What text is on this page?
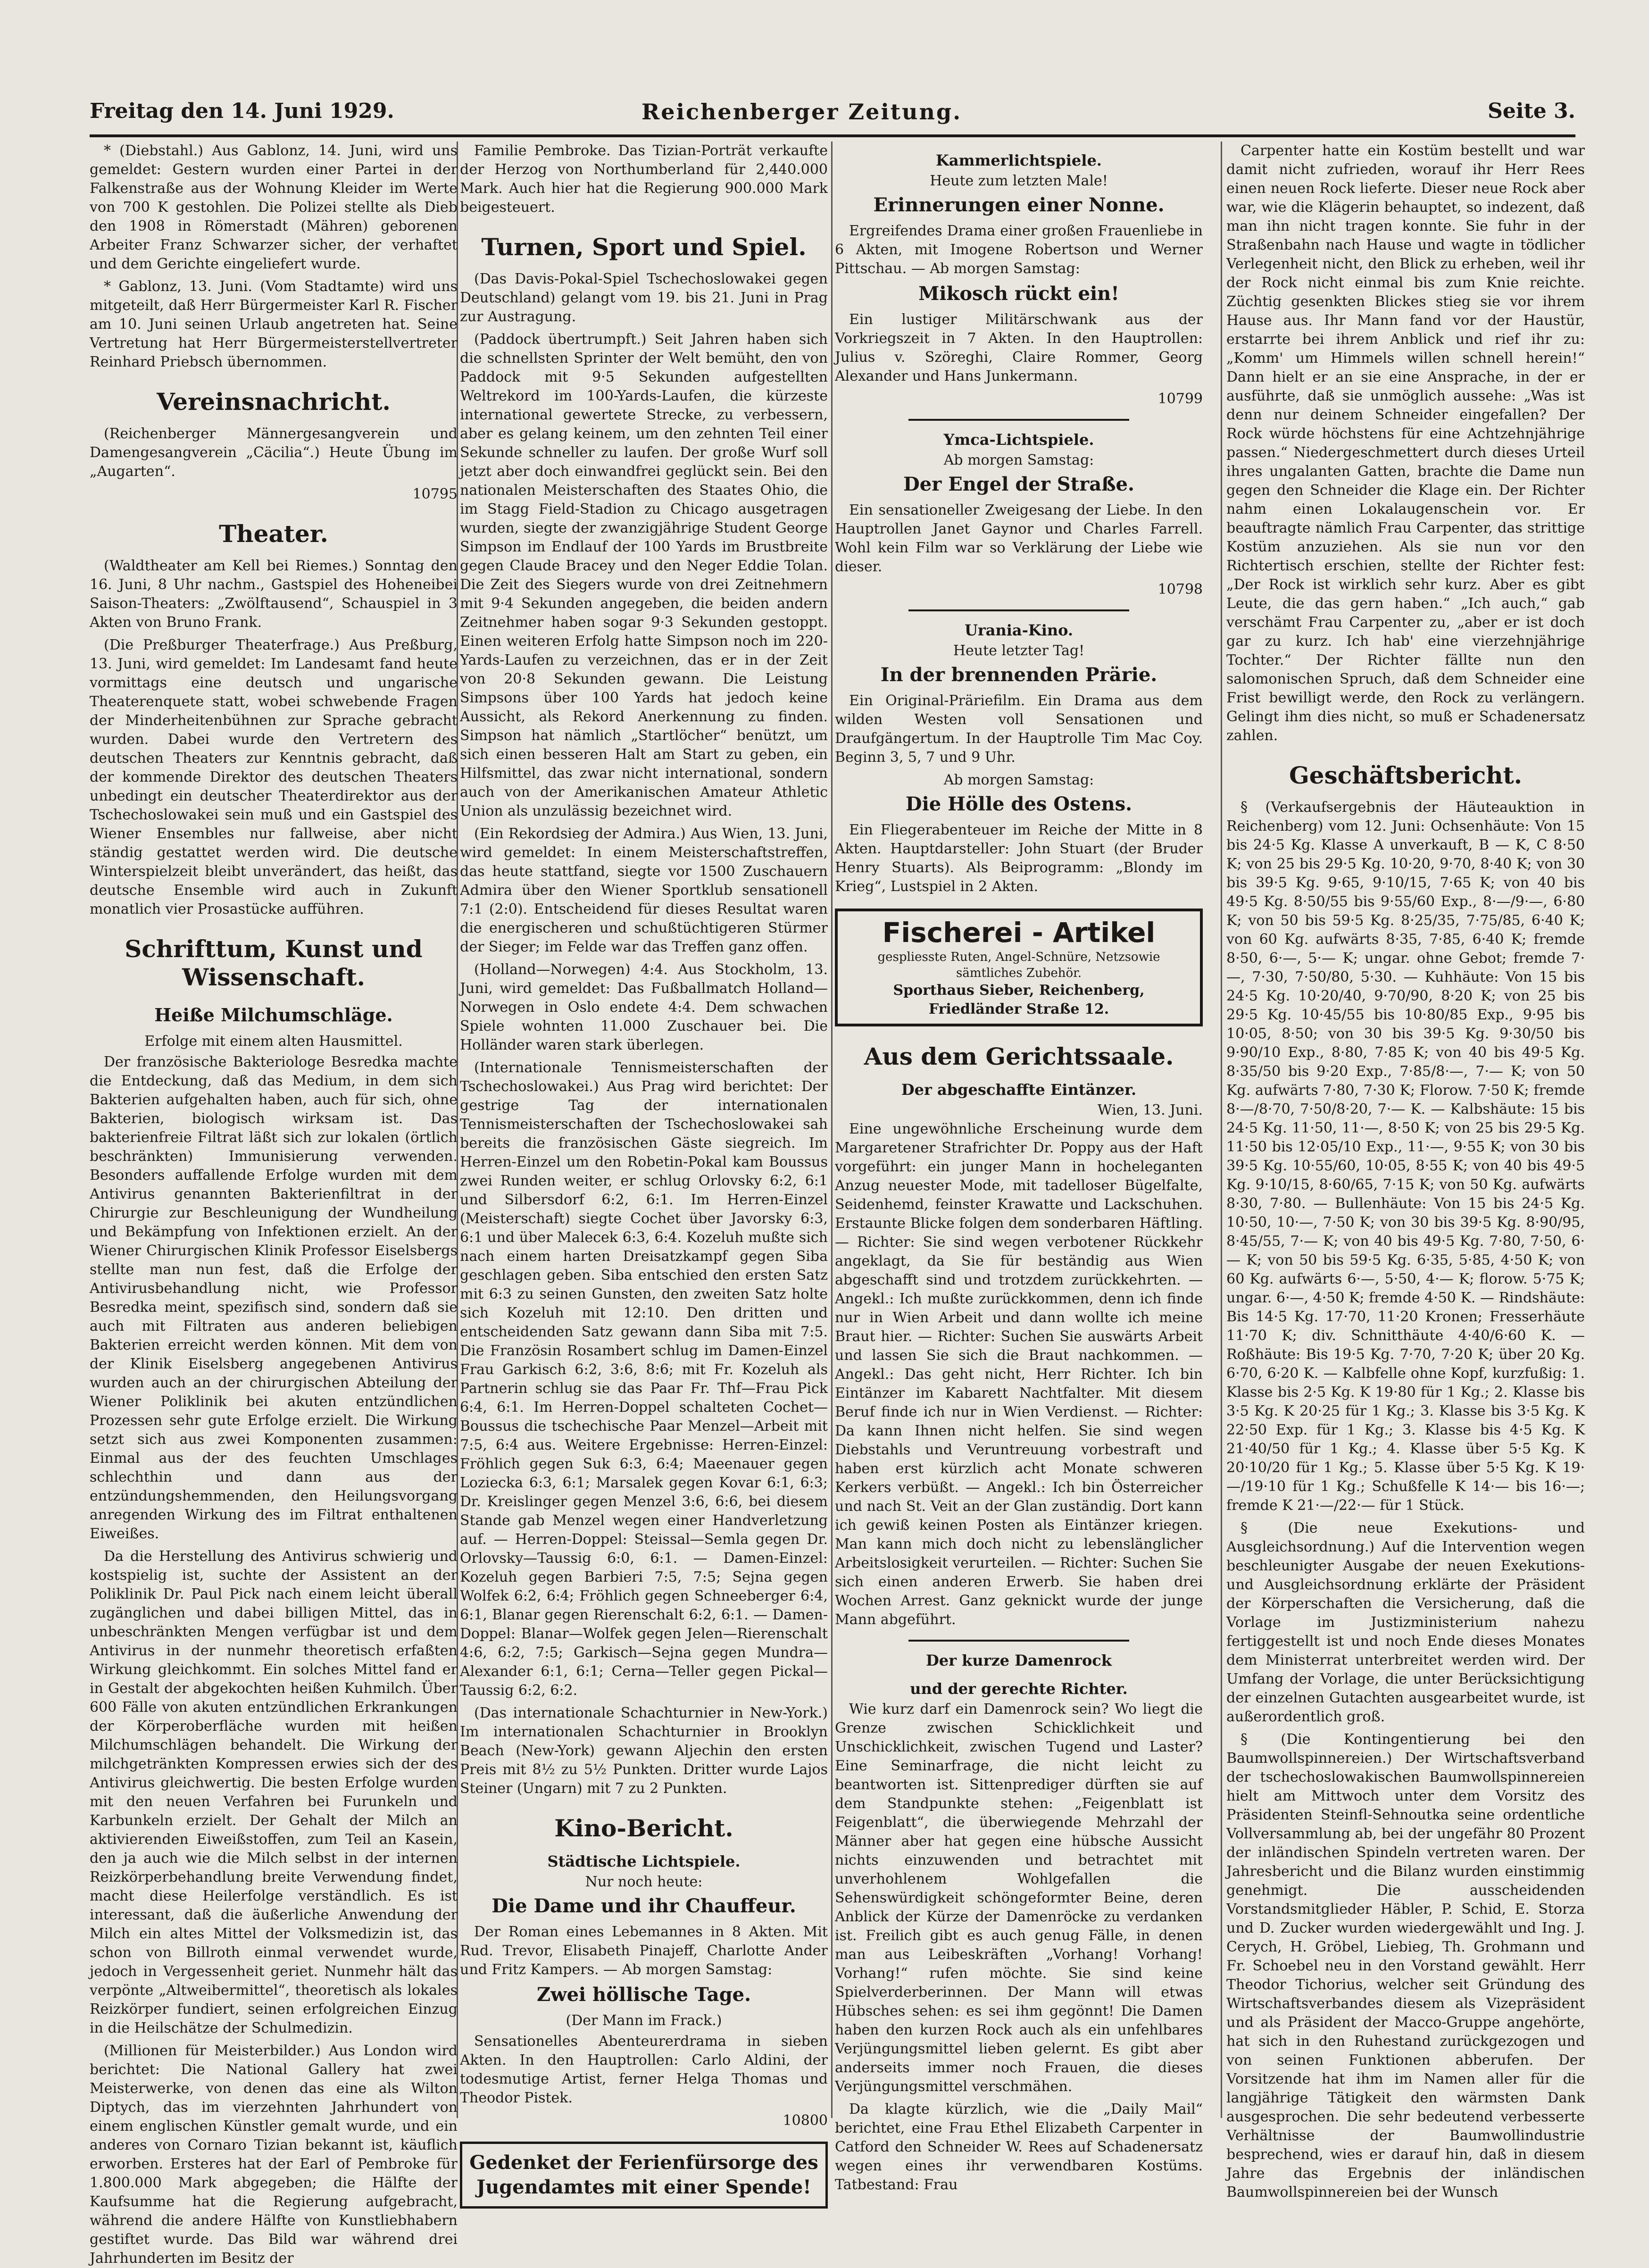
Freitag den 14. Juni 1929.	Reichenberger Zeitung.	Seite 3.

* (Diebstahl.) Aus Gablonz, 14. Juni, wird uns gemeldet: Gestern wurden einer Partei in der Falkenstraße aus der Wohnung Kleider im Werte von 700 K gestohlen. Die Polizei stellte als Dieb den 1908 in Römerstadt (Mähren) geborenen Arbeiter Franz Schwarzer sicher, der verhaftet und dem Gerichte eingeliefert wurde.

* Gablonz, 13. Juni. (Vom Stadtamte) wird uns mitgeteilt, daß Herr Bürgermeister Karl R. Fischer am 10. Juni seinen Urlaub angetreten hat. Seine Vertretung hat Herr Bürgermeisterstellvertreter Reinhard Priebsch übernommen.

Vereinsnachricht.

(Reichenberger Männergesangverein und Damengesangverein „Cäcilia“.) Heute Übung im „Augarten“.

10795
Theater.

(Waldtheater am Kell bei Riemes.) Sonntag den 16. Juni, 8 Uhr nachm., Gastspiel des Hoheneibei Saison-Theaters: „Zwölftausend“, Schauspiel in 3 Akten von Bruno Frank.

(Die Preßburger Theaterfrage.) Aus Preßburg, 13. Juni, wird gemeldet: Im Landesamt fand heute vormittags eine deutsch und ungarische Theaterenquete statt, wobei schwebende Fragen der Minderheitenbühnen zur Sprache gebracht wurden. Dabei wurde den Vertretern des deutschen Theaters zur Kenntnis gebracht, daß der kommende Direktor des deutschen Theaters unbedingt ein deutscher Theaterdirektor aus der Tschechoslowakei sein muß und ein Gastspiel des Wiener Ensembles nur fallweise, aber nicht ständig gestattet werden wird. Die deutsche Winterspielzeit bleibt unverändert, das heißt, das deutsche Ensemble wird auch in Zukunft monatlich vier Prosastücke aufführen.

Schrifttum, Kunst und Wissenschaft.
Heiße Milchumschläge.
Erfolge mit einem alten Hausmittel.

Der französische Bakteriologe Besredka machte die Entdeckung, daß das Medium, in dem sich Bakterien aufgehalten haben, auch für sich, ohne Bakterien, biologisch wirksam ist. Das bakterienfreie Filtrat läßt sich zur lokalen (örtlich beschränkten) Immunisierung verwenden. Besonders auffallende Erfolge wurden mit dem Antivirus genannten Bakterienfiltrat in der Chirurgie zur Beschleunigung der Wundheilung und Bekämpfung von Infektionen erzielt. An der Wiener Chirurgischen Klinik Professor Eiselsbergs stellte man nun fest, daß die Erfolge der Antivirusbehandlung nicht, wie Professor Besredka meint, spezifisch sind, sondern daß sie auch mit Filtraten aus anderen beliebigen Bakterien erreicht werden können. Mit dem von der Klinik Eiselsberg angegebenen Antivirus wurden auch an der chirurgischen Abteilung der Wiener Poliklinik bei akuten entzündlichen Prozessen sehr gute Erfolge erzielt. Die Wirkung setzt sich aus zwei Komponenten zusammen: Einmal aus der des feuchten Umschlages schlechthin und dann aus der entzündungshemmenden, den Heilungsvorgang anregenden Wirkung des im Filtrat enthaltenen Eiweißes.

Da die Herstellung des Antivirus schwierig und kostspielig ist, suchte der Assistent an der Poliklinik Dr. Paul Pick nach einem leicht überall zugänglichen und dabei billigen Mittel, das in unbeschränkten Mengen verfügbar ist und dem Antivirus in der nunmehr theoretisch erfaßten Wirkung gleichkommt. Ein solches Mittel fand er in Gestalt der abgekochten heißen Kuhmilch. Über 600 Fälle von akuten entzündlichen Erkrankungen der Körperoberfläche wurden mit heißen Milchumschlägen behandelt. Die Wirkung der milchgetränkten Kompressen erwies sich der des Antivirus gleichwertig. Die besten Erfolge wurden mit den neuen Verfahren bei Furunkeln und Karbunkeln erzielt. Der Gehalt der Milch an aktivierenden Eiweißstoffen, zum Teil an Kasein, den ja auch wie die Milch selbst in der internen Reizkörperbehandlung breite Verwendung findet, macht diese Heilerfolge verständlich. Es ist interessant, daß die äußerliche Anwendung der Milch ein altes Mittel der Volksmedizin ist, das schon von Billroth einmal verwendet wurde, jedoch in Vergessenheit geriet. Nunmehr hält das verpönte „Altweibermittel“, theoretisch als lokales Reizkörper fundiert, seinen erfolgreichen Einzug in die Heilschätze der Schulmedizin.

(Millionen für Meisterbilder.) Aus London wird berichtet: Die National Gallery hat zwei Meisterwerke, von denen das eine als Wilton Diptych, das im vierzehnten Jahrhundert von einem englischen Künstler gemalt wurde, und ein anderes von Cornaro Tizian bekannt ist, käuflich erworben. Ersteres hat der Earl of Pembroke für 1.800.000 Mark abgegeben; die Hälfte der Kaufsumme hat die Regierung aufgebracht, während die andere Hälfte von Kunstliebhabern gestiftet wurde. Das Bild war während drei Jahrhunderten im Besitz der

Familie Pembroke. Das Tizian-Porträt verkaufte der Herzog von Northumberland für 2,440.000 Mark. Auch hier hat die Regierung 900.000 Mark beigesteuert.

Turnen, Sport und Spiel.

(Das Davis-Pokal-Spiel Tschechoslowakei gegen Deutschland) gelangt vom 19. bis 21. Juni in Prag zur Austragung.

(Paddock übertrumpft.) Seit Jahren haben sich die schnellsten Sprinter der Welt bemüht, den von Paddock mit 9·5 Sekunden aufgestellten Weltrekord im 100-Yards-Laufen, die kürzeste international gewertete Strecke, zu verbessern, aber es gelang keinem, um den zehnten Teil einer Sekunde schneller zu laufen. Der große Wurf soll jetzt aber doch einwandfrei geglückt sein. Bei den nationalen Meisterschaften des Staates Ohio, die im Stagg Field-Stadion zu Chicago ausgetragen wurden, siegte der zwanzigjährige Student George Simpson im Endlauf der 100 Yards im Brustbreite gegen Claude Bracey und den Neger Eddie Tolan. Die Zeit des Siegers wurde von drei Zeitnehmern mit 9·4 Sekunden angegeben, die beiden andern Zeitnehmer haben sogar 9·3 Sekunden gestoppt. Einen weiteren Erfolg hatte Simpson noch im 220-Yards-Laufen zu verzeichnen, das er in der Zeit von 20·8 Sekunden gewann. Die Leistung Simpsons über 100 Yards hat jedoch keine Aussicht, als Rekord Anerkennung zu finden. Simpson hat nämlich „Startlöcher“ benützt, um sich einen besseren Halt am Start zu geben, ein Hilfsmittel, das zwar nicht international, sondern auch von der Amerikanischen Amateur Athletic Union als unzulässig bezeichnet wird.

(Ein Rekordsieg der Admira.) Aus Wien, 13. Juni, wird gemeldet: In einem Meisterschaftstreffen, das heute stattfand, siegte vor 1500 Zuschauern Admira über den Wiener Sportklub sensationell 7:1 (2:0). Entscheidend für dieses Resultat waren die energischeren und schußtüchtigeren Stürmer der Sieger; im Felde war das Treffen ganz offen.

(Holland—Norwegen) 4:4. Aus Stockholm, 13. Juni, wird gemeldet: Das Fußballmatch Holland—Norwegen in Oslo endete 4:4. Dem schwachen Spiele wohnten 11.000 Zuschauer bei. Die Holländer waren stark überlegen.

(Internationale Tennismeisterschaften der Tschechoslowakei.) Aus Prag wird berichtet: Der gestrige Tag der internationalen Tennismeisterschaften der Tschechoslowakei sah bereits die französischen Gäste siegreich. Im Herren-Einzel um den Robetin-Pokal kam Boussus zwei Runden weiter, er schlug Orlovsky 6:2, 6:1 und Silbersdorf 6:2, 6:1. Im Herren-Einzel (Meisterschaft) siegte Cochet über Javorsky 6:3, 6:1 und über Malecek 6:3, 6:4. Kozeluh mußte sich nach einem harten Dreisatzkampf gegen Siba geschlagen geben. Siba entschied den ersten Satz mit 6:3 zu seinen Gunsten, den zweiten Satz holte sich Kozeluh mit 12:10. Den dritten und entscheidenden Satz gewann dann Siba mit 7:5. Die Französin Rosambert schlug im Damen-Einzel Frau Garkisch 6:2, 3:6, 8:6; mit Fr. Kozeluh als Partnerin schlug sie das Paar Fr. Thf—Frau Pick 6:4, 6:1. Im Herren-Doppel schalteten Cochet—Boussus die tschechische Paar Menzel—Arbeit mit 7:5, 6:4 aus. Weitere Ergebnisse: Herren-Einzel: Fröhlich gegen Suk 6:3, 6:4; Maeenauer gegen Loziecka 6:3, 6:1; Marsalek gegen Kovar 6:1, 6:3; Dr. Kreislinger gegen Menzel 3:6, 6:6, bei diesem Stande gab Menzel wegen einer Handverletzung auf. — Herren-Doppel: Steissal—Semla gegen Dr. Orlovsky—Taussig 6:0, 6:1. — Damen-Einzel: Kozeluh gegen Barbieri 7:5, 7:5; Sejna gegen Wolfek 6:2, 6:4; Fröhlich gegen Schneeberger 6:4, 6:1, Blanar gegen Rierenschalt 6:2, 6:1. — Damen-Doppel: Blanar—Wolfek gegen Jelen—Rierenschalt 4:6, 6:2, 7:5; Garkisch—Sejna gegen Mundra—Alexander 6:1, 6:1; Cerna—Teller gegen Pickal—Taussig 6:2, 6:2.

(Das internationale Schachturnier in New-York.) Im internationalen Schachturnier in Brooklyn Beach (New-York) gewann Aljechin den ersten Preis mit 8½ zu 5½ Punkten. Dritter wurde Lajos Steiner (Ungarn) mit 7 zu 2 Punkten.

Kino-Bericht.
Städtische Lichtspiele.
Nur noch heute:
Die Dame und ihr Chauffeur.

Der Roman eines Lebemannes in 8 Akten. Mit Rud. Trevor, Elisabeth Pinajeff, Charlotte Ander und Fritz Kampers. — Ab morgen Samstag:

Zwei höllische Tage.
(Der Mann im Frack.)

Sensationelles Abenteurerdrama in sieben Akten. In den Hauptrollen: Carlo Aldini, der todesmutige Artist, ferner Helga Thomas und Theodor Pistek.

10800
Gedenket der Ferienfürsorge des Jugendamtes mit einer Spende!
Kammerlichtspiele.
Heute zum letzten Male!
Erinnerungen einer Nonne.

Ergreifendes Drama einer großen Frauenliebe in 6 Akten, mit Imogene Robertson und Werner Pittschau. — Ab morgen Samstag:

Mikosch rückt ein!

Ein lustiger Militärschwank aus der Vorkriegszeit in 7 Akten. In den Hauptrollen: Julius v. Szöreghi, Claire Rommer, Georg Alexander und Hans Junkermann.

10799
Ymca-Lichtspiele.
Ab morgen Samstag:
Der Engel der Straße.

Ein sensationeller Zweigesang der Liebe. In den Hauptrollen Janet Gaynor und Charles Farrell. Wohl kein Film war so Verklärung der Liebe wie dieser.

10798
Urania-Kino.
Heute letzter Tag!
In der brennenden Prärie.

Ein Original-Präriefilm. Ein Drama aus dem wilden Westen voll Sensationen und Draufgängertum. In der Hauptrolle Tim Mac Coy. Beginn 3, 5, 7 und 9 Uhr.

Ab morgen Samstag:
Die Hölle des Ostens.

Ein Fliegerabenteuer im Reiche der Mitte in 8 Akten. Hauptdarsteller: John Stuart (der Bruder Henry Stuarts). Als Beiprogramm: „Blondy im Krieg“, Lustspiel in 2 Akten.

Fischerei - Artikel
gespliesste Ruten, Angel-Schnüre, Netzsowie sämtliches Zubehör.
Sporthaus Sieber, Reichenberg,
Friedländer Straße 12.
Aus dem Gerichtssaale.
Der abgeschaffte Eintänzer.
Wien, 13. Juni.

Eine ungewöhnliche Erscheinung wurde dem Margaretener Strafrichter Dr. Poppy aus der Haft vorgeführt: ein junger Mann in hocheleganten Anzug neuester Mode, mit tadelloser Bügelfalte, Seidenhemd, feinster Krawatte und Lackschuhen. Erstaunte Blicke folgen dem sonderbaren Häftling. — Richter: Sie sind wegen verbotener Rückkehr angeklagt, da Sie für beständig aus Wien abgeschafft sind und trotzdem zurückkehrten. — Angekl.: Ich mußte zurückkommen, denn ich finde nur in Wien Arbeit und dann wollte ich meine Braut hier. — Richter: Suchen Sie auswärts Arbeit und lassen Sie sich die Braut nachkommen. — Angekl.: Das geht nicht, Herr Richter. Ich bin Eintänzer im Kabarett Nachtfalter. Mit diesem Beruf finde ich nur in Wien Verdienst. — Richter: Da kann Ihnen nicht helfen. Sie sind wegen Diebstahls und Veruntreuung vorbestraft und haben erst kürzlich acht Monate schweren Kerkers verbüßt. — Angekl.: Ich bin Österreicher und nach St. Veit an der Glan zuständig. Dort kann ich gewiß keinen Posten als Eintänzer kriegen. Man kann mich doch nicht zu lebenslänglicher Arbeitslosigkeit verurteilen. — Richter: Suchen Sie sich einen anderen Erwerb. Sie haben drei Wochen Arrest. Ganz geknickt wurde der junge Mann abgeführt.

Der kurze Damenrock
und der gerechte Richter.

Wie kurz darf ein Damenrock sein? Wo liegt die Grenze zwischen Schicklichkeit und Unschicklichkeit, zwischen Tugend und Laster? Eine Seminarfrage, die nicht leicht zu beantworten ist. Sittenprediger dürften sie auf dem Standpunkte stehen: „Feigenblatt ist Feigenblatt“, die überwiegende Mehrzahl der Männer aber hat gegen eine hübsche Aussicht nichts einzuwenden und betrachtet mit unverhohlenem Wohlgefallen die Sehenswürdigkeit schöngeformter Beine, deren Anblick der Kürze der Damenröcke zu verdanken ist. Freilich gibt es auch genug Fälle, in denen man aus Leibeskräften „Vorhang! Vorhang! Vorhang!“ rufen möchte. Sie sind keine Spielverderberinnen. Der Mann will etwas Hübsches sehen: es sei ihm gegönnt! Die Damen haben den kurzen Rock auch als ein unfehlbares Verjüngungsmittel lieben gelernt. Es gibt aber anderseits immer noch Frauen, die dieses Verjüngungsmittel verschmähen.

Da klagte kürzlich, wie die „Daily Mail“ berichtet, eine Frau Ethel Elizabeth Carpenter in Catford den Schneider W. Rees auf Schadenersatz wegen eines ihr verwendbaren Kostüms. Tatbestand: Frau

Carpenter hatte ein Kostüm bestellt und war damit nicht zufrieden, worauf ihr Herr Rees einen neuen Rock lieferte. Dieser neue Rock aber war, wie die Klägerin behauptet, so indezent, daß man ihn nicht tragen konnte. Sie fuhr in der Straßenbahn nach Hause und wagte in tödlicher Verlegenheit nicht, den Blick zu erheben, weil ihr der Rock nicht einmal bis zum Knie reichte. Züchtig gesenkten Blickes stieg sie vor ihrem Hause aus. Ihr Mann fand vor der Haustür, erstarrte bei ihrem Anblick und rief ihr zu: „Komm' um Himmels willen schnell herein!“ Dann hielt er an sie eine Ansprache, in der er ausführte, daß sie unmöglich aussehe: „Was ist denn nur deinem Schneider eingefallen? Der Rock würde höchstens für eine Achtzehnjährige passen.“ Niedergeschmettert durch dieses Urteil ihres ungalanten Gatten, brachte die Dame nun gegen den Schneider die Klage ein. Der Richter nahm einen Lokalaugenschein vor. Er beauftragte nämlich Frau Carpenter, das strittige Kostüm anzuziehen. Als sie nun vor den Richtertisch erschien, stellte der Richter fest: „Der Rock ist wirklich sehr kurz. Aber es gibt Leute, die das gern haben.“ „Ich auch,“ gab verschämt Frau Carpenter zu, „aber er ist doch gar zu kurz. Ich hab' eine vierzehnjährige Tochter.“ Der Richter fällte nun den salomonischen Spruch, daß dem Schneider eine Frist bewilligt werde, den Rock zu verlängern. Gelingt ihm dies nicht, so muß er Schadenersatz zahlen.

Geschäftsbericht.

§ (Verkaufsergebnis der Häuteauktion in Reichenberg) vom 12. Juni: Ochsenhäute: Von 15 bis 24·5 Kg. Klasse A unverkauft, B — K, C 8·50 K; von 25 bis 29·5 Kg. 10·20, 9·70, 8·40 K; von 30 bis 39·5 Kg. 9·65, 9·10/15, 7·65 K; von 40 bis 49·5 Kg. 8·50/55 bis 9·55/60 Exp., 8·—/9·—, 6·80 K; von 50 bis 59·5 Kg. 8·25/35, 7·75/85, 6·40 K; von 60 Kg. aufwärts 8·35, 7·85, 6·40 K; fremde 8·50, 6·—, 5·— K; ungar. ohne Gebot; fremde 7·—, 7·30, 7·50/80, 5·30. — Kuhhäute: Von 15 bis 24·5 Kg. 10·20/40, 9·70/90, 8·20 K; von 25 bis 29·5 Kg. 10·45/55 bis 10·80/85 Exp., 9·95 bis 10·05, 8·50; von 30 bis 39·5 Kg. 9·30/50 bis 9·90/10 Exp., 8·80, 7·85 K; von 40 bis 49·5 Kg. 8·35/50 bis 9·20 Exp., 7·85/8·—, 7·— K; von 50 Kg. aufwärts 7·80, 7·30 K; Florow. 7·50 K; fremde 8·—/8·70, 7·50/8·20, 7·— K. — Kalbshäute: 15 bis 24·5 Kg. 11·50, 11·—, 8·50 K; von 25 bis 29·5 Kg. 11·50 bis 12·05/10 Exp., 11·—, 9·55 K; von 30 bis 39·5 Kg. 10·55/60, 10·05, 8·55 K; von 40 bis 49·5 Kg. 9·10/15, 8·60/65, 7·15 K; von 50 Kg. aufwärts 8·30, 7·80. — Bullenhäute: Von 15 bis 24·5 Kg. 10·50, 10·—, 7·50 K; von 30 bis 39·5 Kg. 8·90/95, 8·45/55, 7·— K; von 40 bis 49·5 Kg. 7·80, 7·50, 6·— K; von 50 bis 59·5 Kg. 6·35, 5·85, 4·50 K; von 60 Kg. aufwärts 6·—, 5·50, 4·— K; florow. 5·75 K; ungar. 6·—, 4·50 K; fremde 4·50 K. — Rindshäute: Bis 14·5 Kg. 17·70, 11·20 Kronen; Fresserhäute 11·70 K; div. Schnitthäute 4·40/6·60 K. — Roßhäute: Bis 19·5 Kg. 7·70, 7·20 K; über 20 Kg. 6·70, 6·20 K. — Kalbfelle ohne Kopf, kurzfußig: 1. Klasse bis 2·5 Kg. K 19·80 für 1 Kg.; 2. Klasse bis 3·5 Kg. K 20·25 für 1 Kg.; 3. Klasse bis 3·5 Kg. K 22·50 Exp. für 1 Kg.; 3. Klasse bis 4·5 Kg. K 21·40/50 für 1 Kg.; 4. Klasse über 5·5 Kg. K 20·10/20 für 1 Kg.; 5. Klasse über 5·5 Kg. K 19·—/19·10 für 1 Kg.; Schußfelle K 14·— bis 16·—; fremde K 21·—/22·— für 1 Stück.

§ (Die neue Exekutions- und Ausgleichsordnung.) Auf die Intervention wegen beschleunigter Ausgabe der neuen Exekutions- und Ausgleichsordnung erklärte der Präsident der Körperschaften die Versicherung, daß die Vorlage im Justizministerium nahezu fertiggestellt ist und noch Ende dieses Monates dem Ministerrat unterbreitet werden wird. Der Umfang der Vorlage, die unter Berücksichtigung der einzelnen Gutachten ausgearbeitet wurde, ist außerordentlich groß.

§ (Die Kontingentierung bei den Baumwollspinnereien.) Der Wirtschaftsverband der tschechoslowakischen Baumwollspinnereien hielt am Mittwoch unter dem Vorsitz des Präsidenten Steinfl-Sehnoutka seine ordentliche Vollversammlung ab, bei der ungefähr 80 Prozent der inländischen Spindeln vertreten waren. Der Jahresbericht und die Bilanz wurden einstimmig genehmigt. Die ausscheidenden Vorstandsmitglieder Häbler, P. Schid, E. Storza und D. Zucker wurden wiedergewählt und Ing. J. Cerych, H. Gröbel, Liebieg, Th. Grohmann und Fr. Schoebel neu in den Vorstand gewählt. Herr Theodor Tichorius, welcher seit Gründung des Wirtschaftsverbandes diesem als Vizepräsident und als Präsident der Macco-Gruppe angehörte, hat sich in den Ruhestand zurückgezogen und von seinen Funktionen abberufen. Der Vorsitzende hat ihm im Namen aller für die langjährige Tätigkeit den wärmsten Dank ausgesprochen. Die sehr bedeutend verbesserte Verhältnisse der Baumwollindustrie besprechend, wies er darauf hin, daß in diesem Jahre das Ergebnis der inländischen Baumwollspinnereien bei der Wunsch
